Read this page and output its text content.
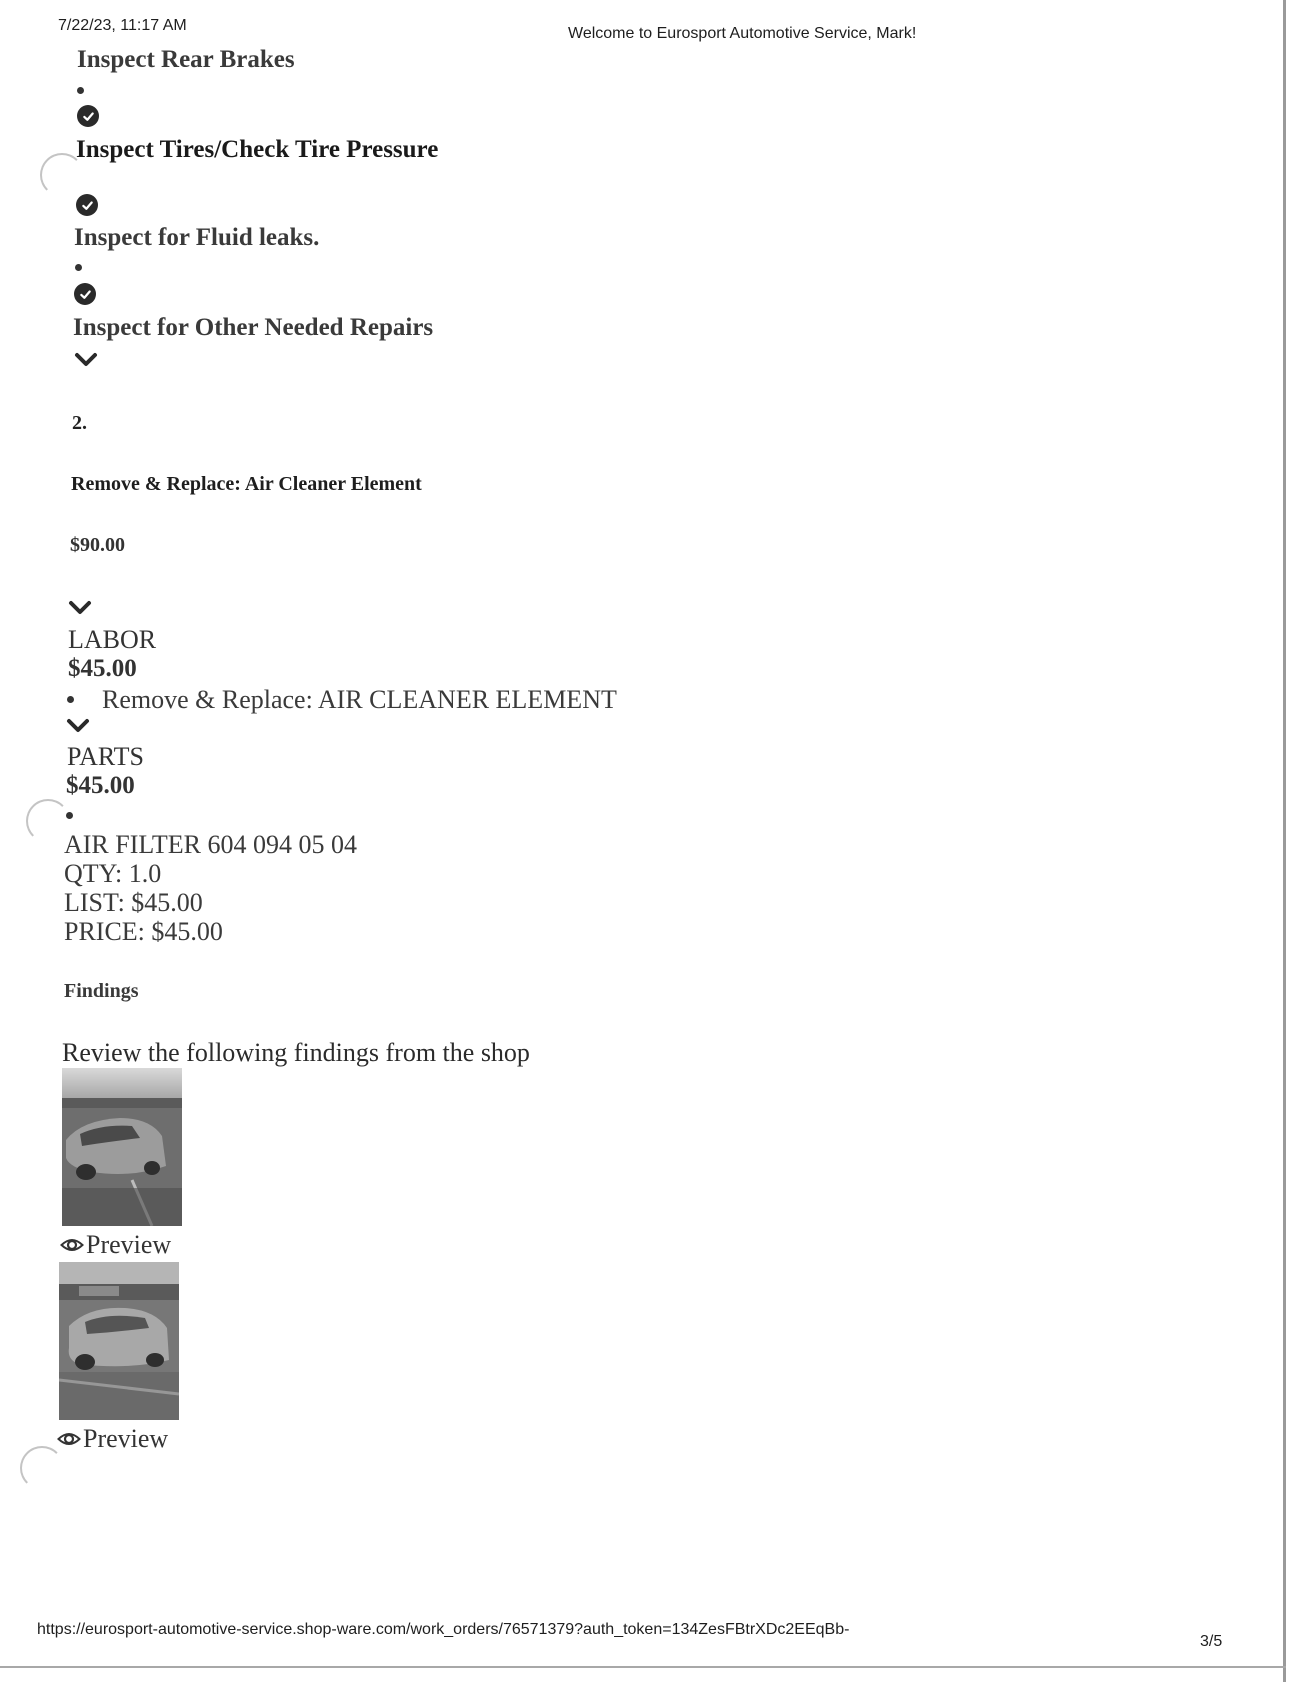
7/22/23, 11:17 AM	Welcome to Eurosport Automotive Service, Mark!
Inspect Rear Brakes
Inspect Tires/Check Tire Pressure
Inspect for Fluid leaks.
Inspect for Other Needed Repairs
2.
Remove & Replace: Air Cleaner Element
$90.00
LABOR
$45.00
Remove & Replace: AIR CLEANER ELEMENT
PARTS
$45.00
AIR FILTER 604 094 05 04
QTY: 1.0
LIST: $45.00
PRICE: $45.00
Findings
Review the following findings from the shop
Preview
Preview
https://eurosport-automotive-service.shop-ware.com/work_orders/76571379?auth_token=134ZesFBtrXDc2EEqBb-
3/5
